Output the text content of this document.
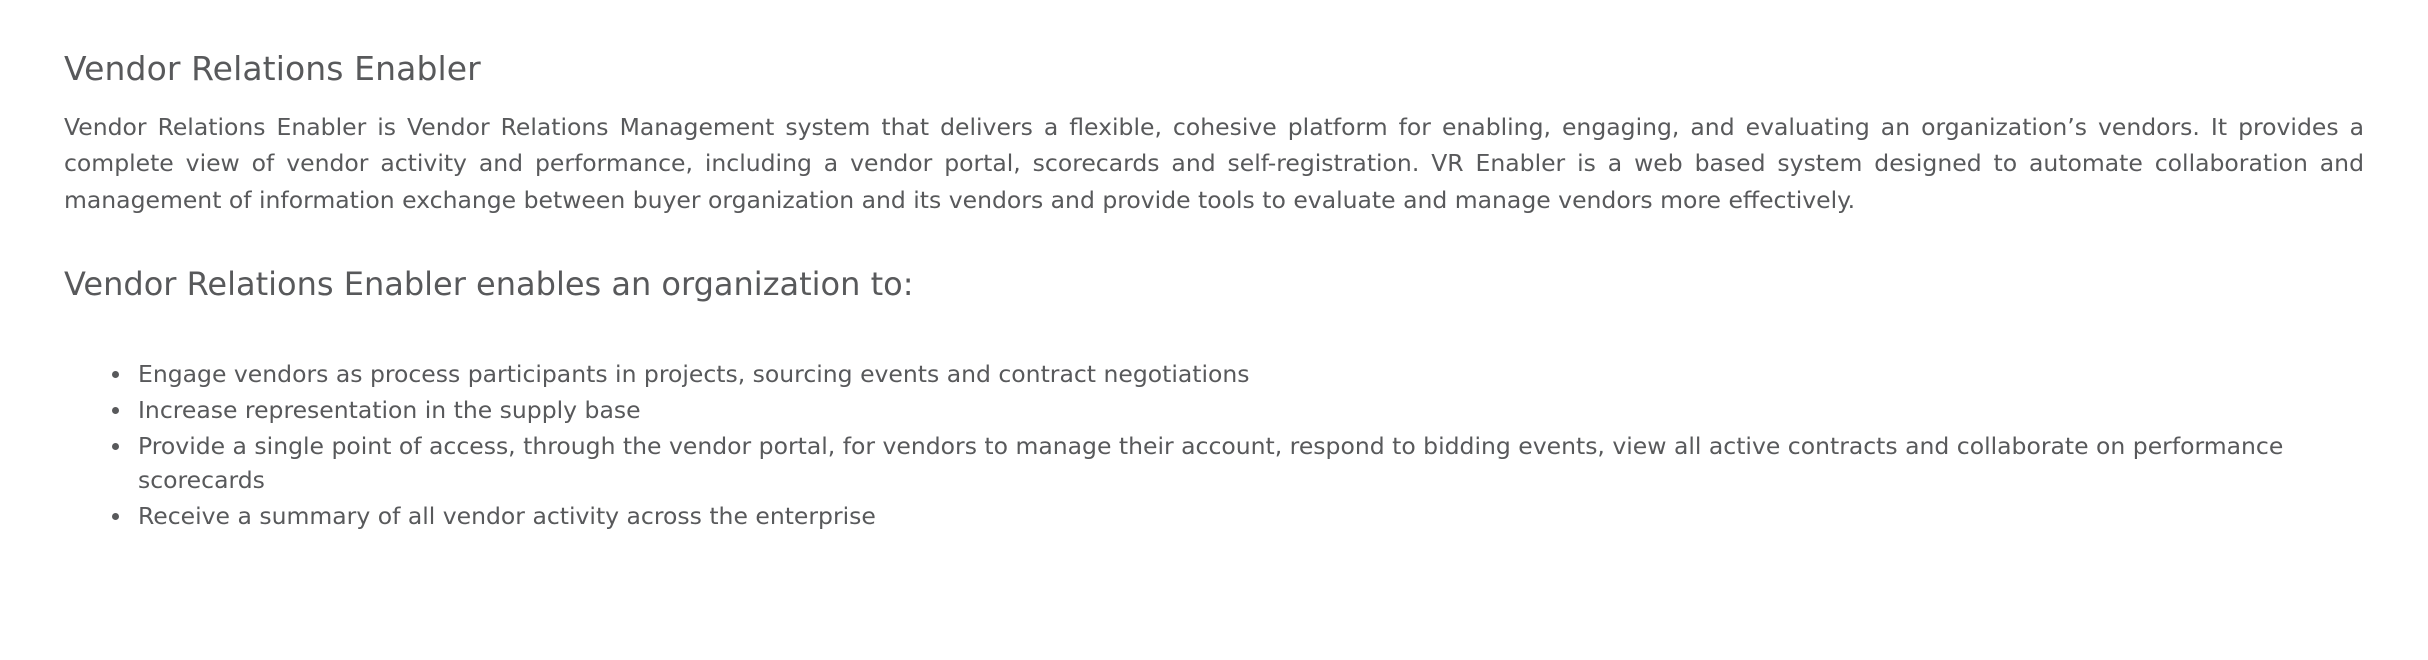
Vendor Relations Enabler

Vendor Relations Enabler is Vendor Relations Management system that delivers a flexible, cohesive platform for enabling, engaging, and evaluating an organization’s vendors. It provides a complete view of vendor activity and performance, including a vendor portal, scorecards and self-registration. VR Enabler is a web based system designed to automate collaboration and management of information exchange between buyer organization and its vendors and provide tools to evaluate and manage vendors more effectively.

Vendor Relations Enabler enables an organization to:
Engage vendors as process participants in projects, sourcing events and contract negotiations
Increase representation in the supply base
Provide a single point of access, through the vendor portal, for vendors to manage their account, respond to bidding events, view all active contracts and collaborate on performance scorecards
Receive a summary of all vendor activity across the enterprise
